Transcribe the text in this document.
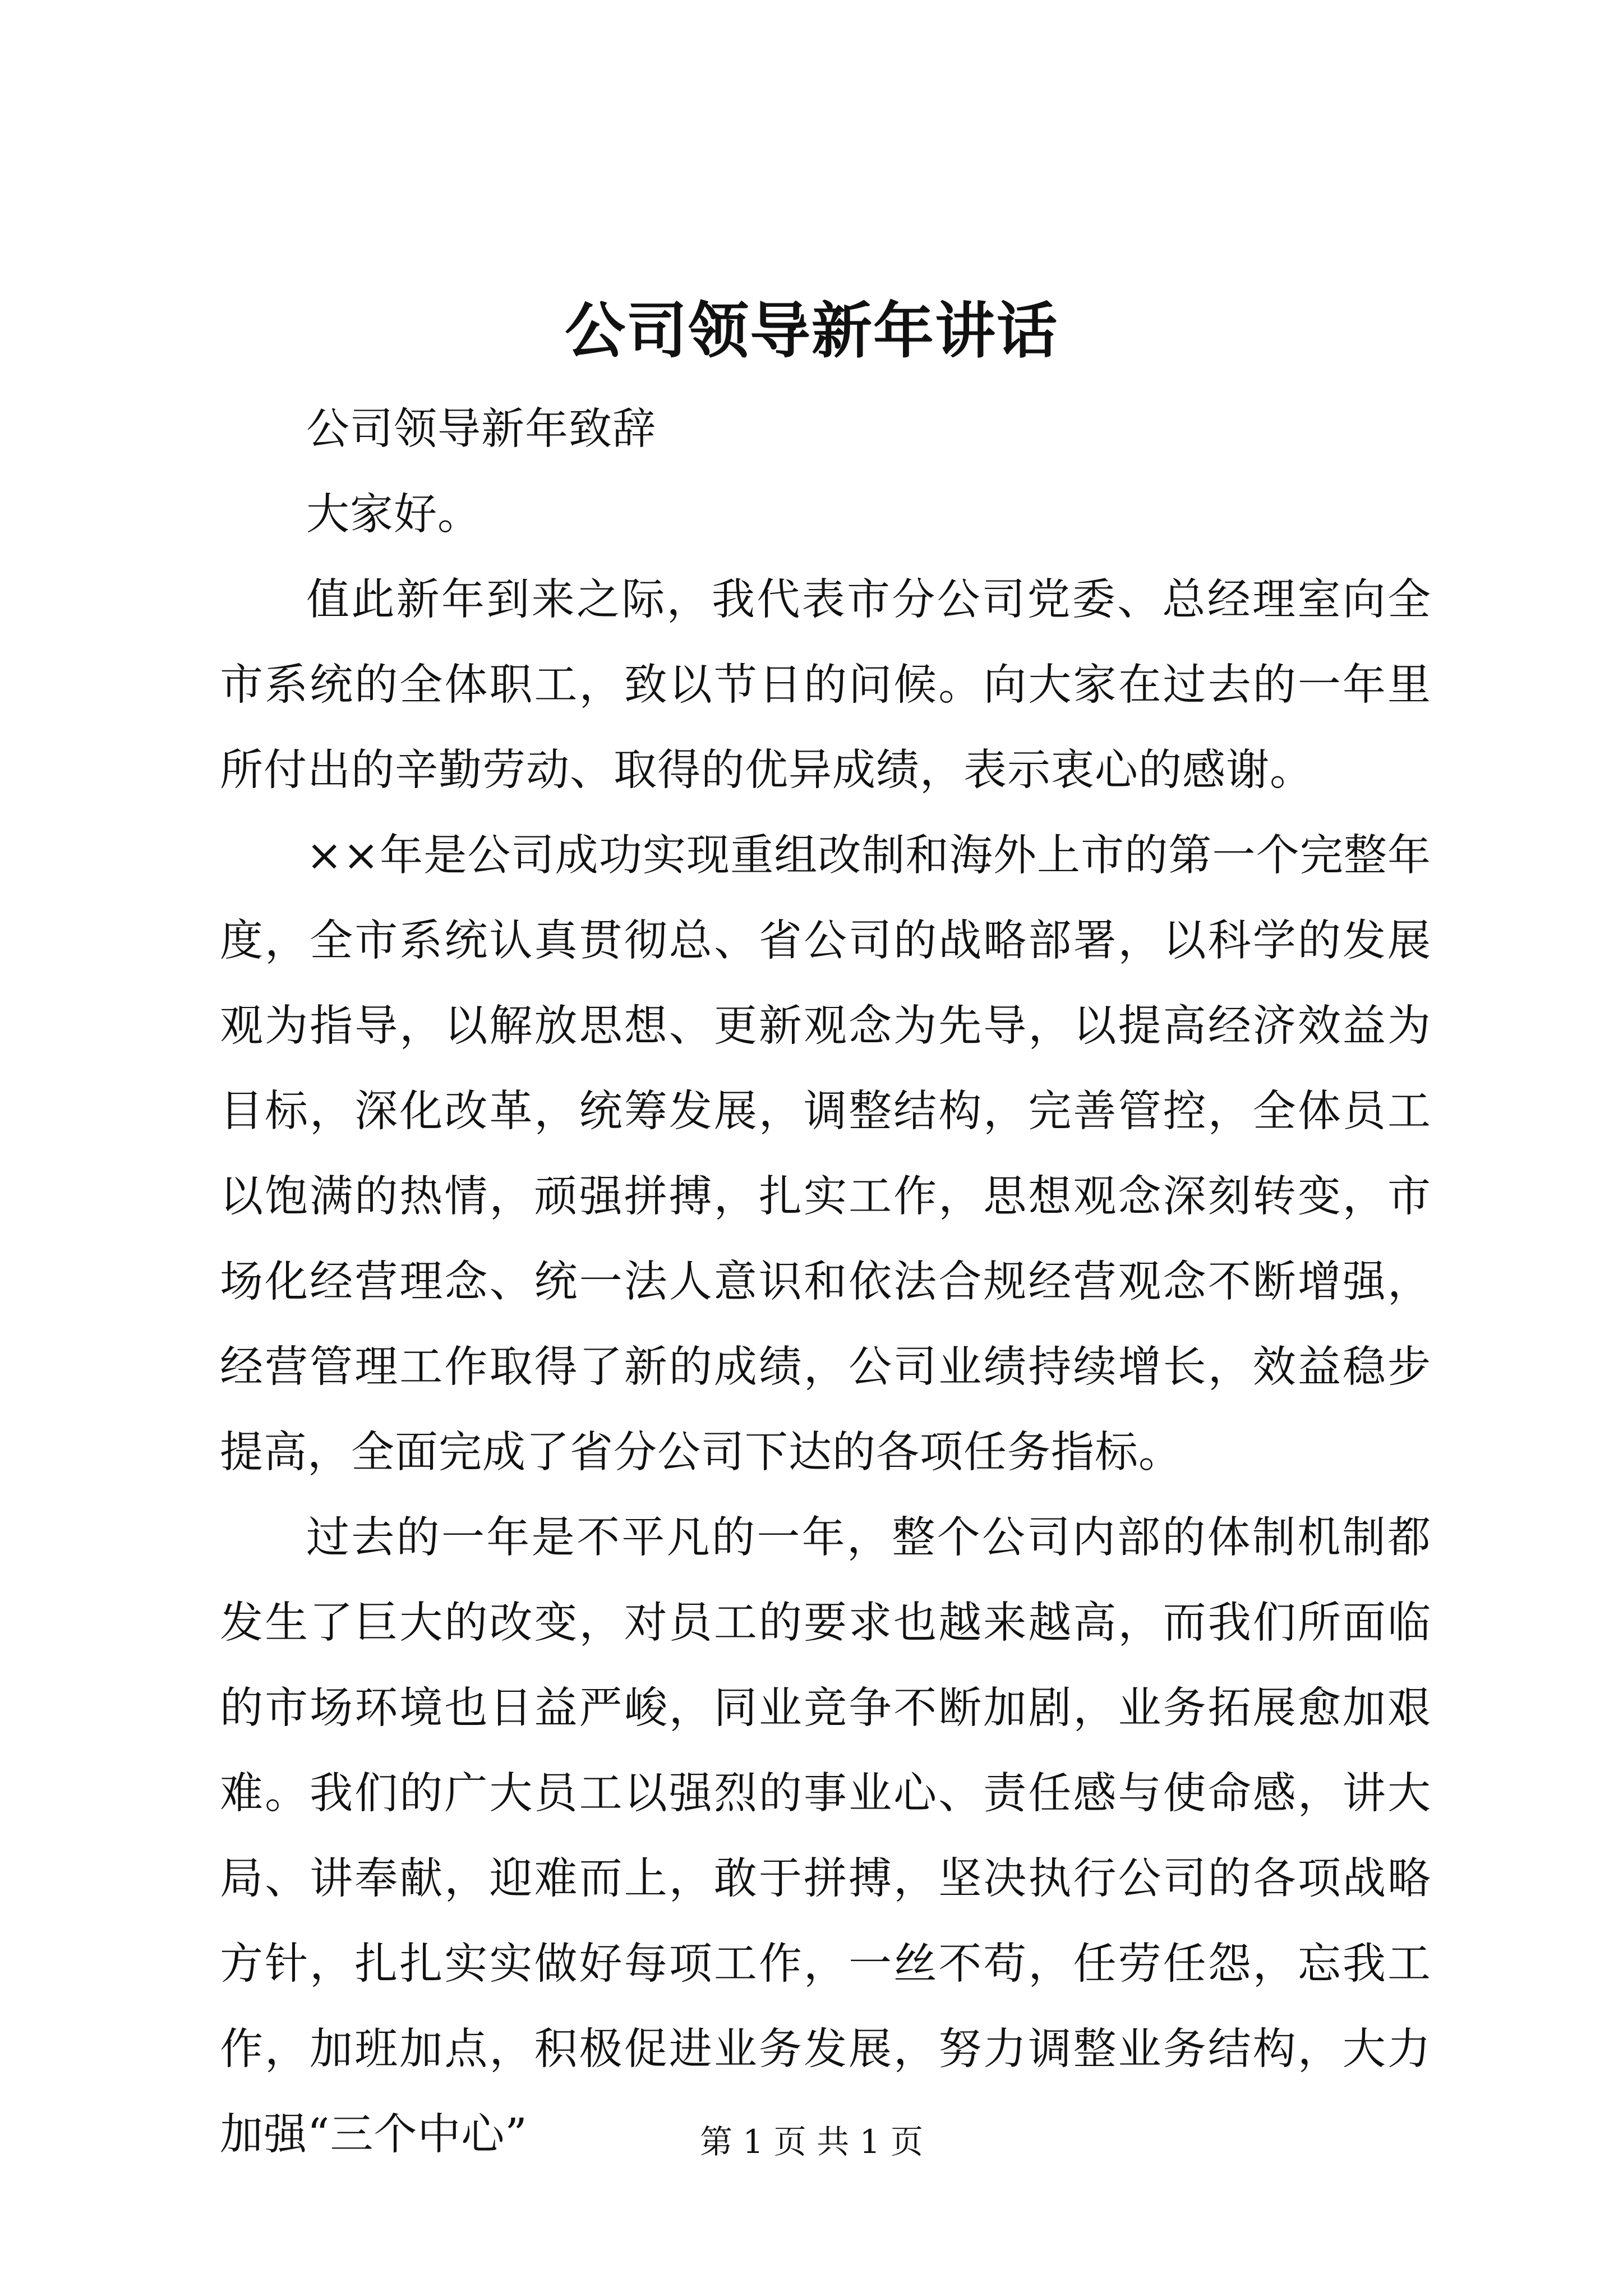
公司领导新年讲话

公司领导新年致辞

大家好。

值此新年到来之际，我代表市分公司党委、总经理室向全市系统的全体职工，致以节日的问候。向大家在过去的一年里所付出的辛勤劳动、取得的优异成绩，表示衷心的感谢。

××年是公司成功实现重组改制和海外上市的第一个完整年度，全市系统认真贯彻总、省公司的战略部署，以科学的发展观为指导，以解放思想、更新观念为先导，以提高经济效益为目标，深化改革，统筹发展，调整结构，完善管控，全体员工以饱满的热情，顽强拼搏，扎实工作，思想观念深刻转变，市场化经营理念、统一法人意识和依法合规经营观念不断增强，经营管理工作取得了新的成绩，公司业绩持续增长，效益稳步提高，全面完成了省分公司下达的各项任务指标。

过去的一年是不平凡的一年，整个公司内部的体制机制都发生了巨大的改变，对员工的要求也越来越高，而我们所面临的市场环境也日益严峻，同业竞争不断加剧，业务拓展愈加艰难。我们的广大员工以强烈的事业心、责任感与使命感，讲大局、讲奉献，迎难而上，敢于拼搏，坚决执行公司的各项战略方针，扎扎实实做好每项工作，一丝不苟，任劳任怨，忘我工作，加班加点，积极促进业务发展，努力调整业务结构，大力加强“三个中心”	第 1 页 共 1 页
